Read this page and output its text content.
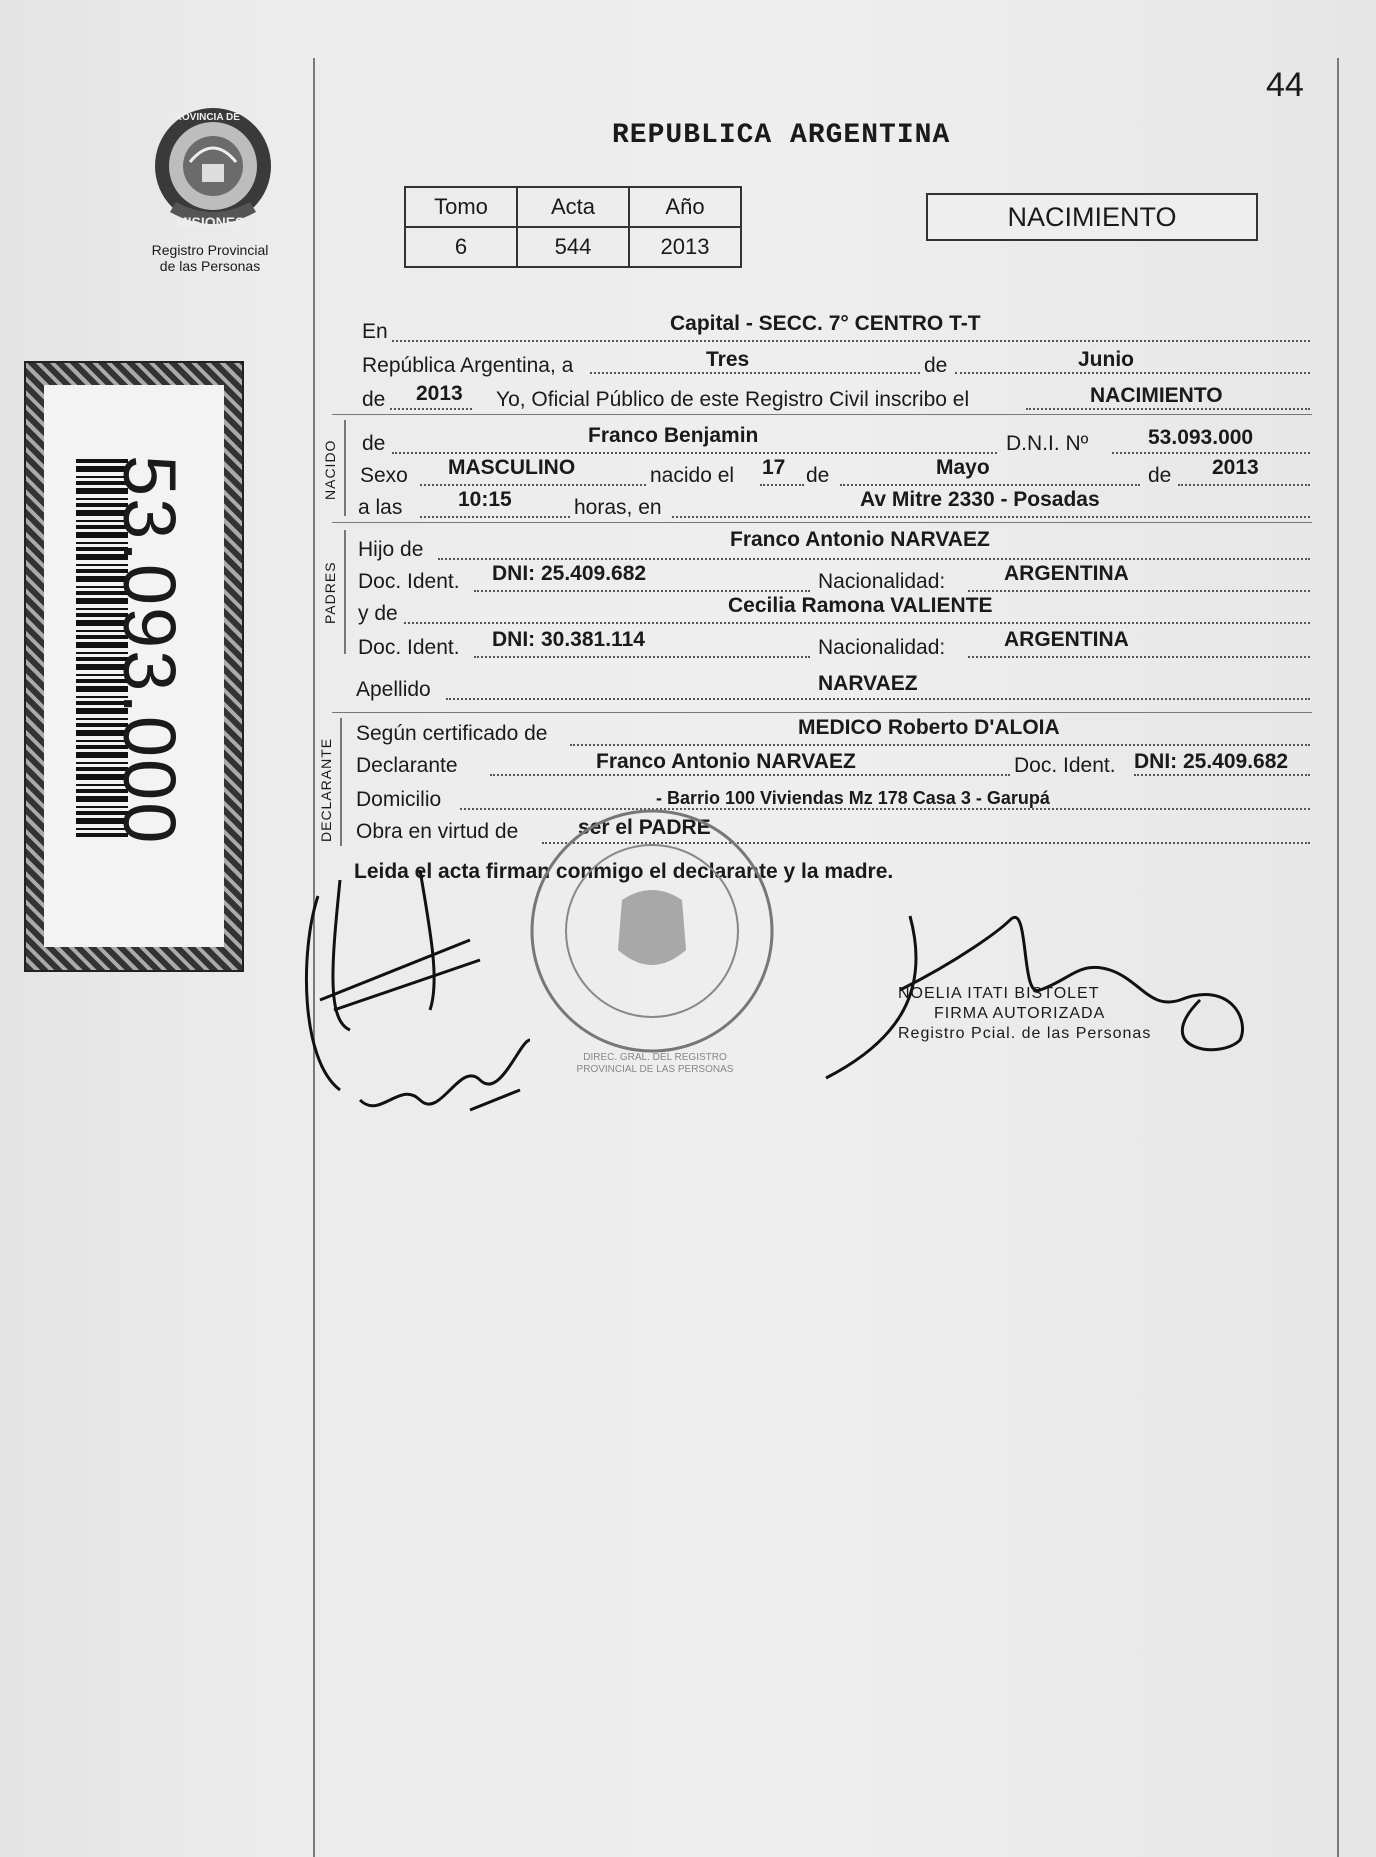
44
PROVINCIA DE
MISIONES
Registro Provincial
de las Personas
53.093.000
REPUBLICA ARGENTINA
Tomo	Acta	Año
6	544	2013
NACIMIENTO
En	Capital - SECC. 7° CENTRO T-T
República Argentina, a	Tres	de	Junio
de 2013 Yo, Oficial Público de este Registro Civil inscribo el	NACIMIENTO
NACIDO de	Franco Benjamin	D.N.I. Nº	53.093.000
Sexo MASCULINO	nacido el 17 de	Mayo	de 2013
a las	10:15	horas, en	Av Mitre 2330 - Posadas
PADRES
Hijo de	Franco Antonio NARVAEZ
Doc. Ident. DNI: 25.409.682	Nacionalidad:	ARGENTINA
y de	Cecilia Ramona VALIENTE
Doc. Ident. DNI: 30.381.114	Nacionalidad:	ARGENTINA
Apellido	NARVAEZ
DECLARANTE
Según certificado de	MEDICO Roberto D'ALOIA
Declarante	Franco Antonio NARVAEZ	Doc. Ident. DNI: 25.409.682
Domicilio	- Barrio 100 Viviendas Mz 178 Casa 3 - Garupá
Obra en virtud de	ser el PADRE
Leida el acta firman conmigo el declarante y la madre.
DIREC. GRAL. DEL REGISTRO PROVINCIAL DE LAS PERSONAS
NOELIA ITATI BISTOLET
FIRMA AUTORIZADA
Registro Pcial. de las Personas
